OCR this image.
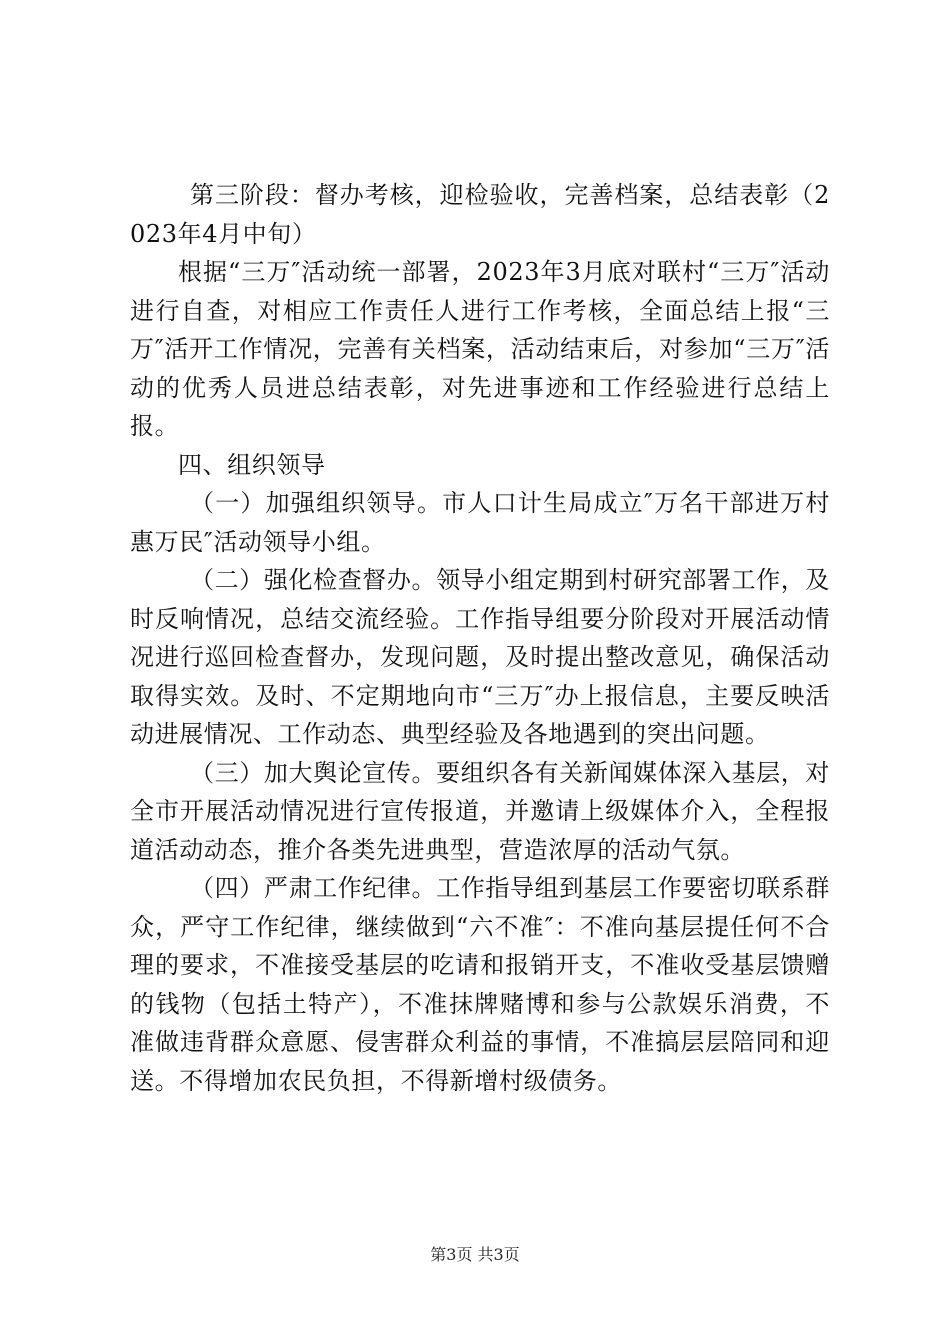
第三阶段：督办考核，迎检验收，完善档案，总结表彰（2023年4月中旬）

根据“三万″活动统一部署，2023年3月底对联村“三万″活动进行自查，对相应工作责任人进行工作考核，全面总结上报“三万″活开工作情况，完善有关档案，活动结束后，对参加“三万″活动的优秀人员进总结表彰，对先进事迹和工作经验进行总结上报。

四、组织领导

（一）加强组织领导。市人口计生局成立″万名干部进万村惠万民″活动领导小组。

（二）强化检查督办。领导小组定期到村研究部署工作，及时反响情况，总结交流经验。工作指导组要分阶段对开展活动情况进行巡回检查督办，发现问题，及时提出整改意见，确保活动取得实效。及时、不定期地向市“三万″办上报信息，主要反映活动进展情况、工作动态、典型经验及各地遇到的突出问题。

（三）加大舆论宣传。要组织各有关新闻媒体深入基层，对全市开展活动情况进行宣传报道，并邀请上级媒体介入，全程报道活动动态，推介各类先进典型，营造浓厚的活动气氛。

（四）严肃工作纪律。工作指导组到基层工作要密切联系群众，严守工作纪律，继续做到“六不准″：不准向基层提任何不合理的要求，不准接受基层的吃请和报销开支，不准收受基层馈赠的钱物（包括土特产），不准抹牌赌博和参与公款娱乐消费，不准做违背群众意愿、侵害群众利益的事情，不准搞层层陪同和迎送。不得增加农民负担，不得新增村级债务。

第3页 共3页
